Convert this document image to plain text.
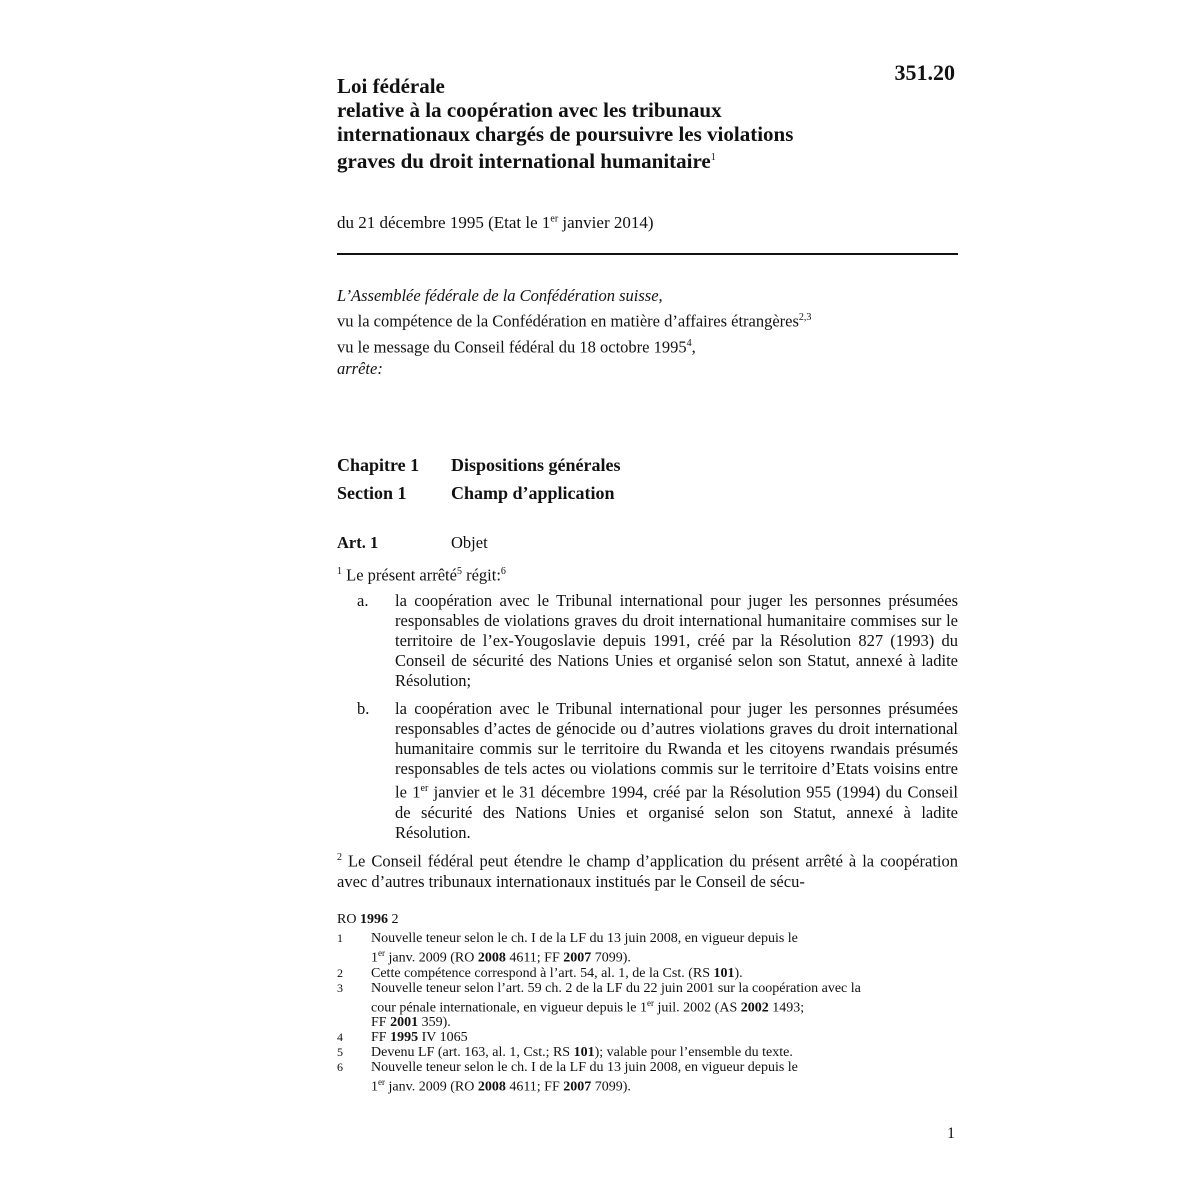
351.20
Loi fédérale
relative à la coopération avec les tribunaux
internationaux chargés de poursuivre les violations
graves du droit international humanitaire$^1$
du 21 décembre 1995 (Etat le 1er janvier 2014)
L’Assemblée fédérale de la Confédération suisse,
vu la compétence de la Confédération en matière d’affaires étrangères$^{2,3}$
vu le message du Conseil fédéral du 18 octobre 1995$^4$,
arrête:
Chapitre 1 Dispositions générales
Section 1 Champ d’application
Art. 1	Objet
$^1$ Le présent arrêté$^5$ régit:$^6$
a. la coopération avec le Tribunal international pour juger les personnes présumées responsables de violations graves du droit international humanitaire commises sur le territoire de l’ex-Yougoslavie depuis 1991, créé par la Résolution 827 (1993) du Conseil de sécurité des Nations Unies et organisé selon son Statut, annexé à ladite Résolution;
b. la coopération avec le Tribunal international pour juger les personnes présumées responsables d’actes de génocide ou d’autres violations graves du droit international humanitaire commis sur le territoire du Rwanda et les citoyens rwandais présumés responsables de tels actes ou violations commis sur le territoire d’Etats voisins entre le 1er janvier et le 31 décembre 1994, créé par la Résolution 955 (1994) du Conseil de sécurité des Nations Unies et organisé selon son Statut, annexé à ladite Résolution.
$^2$ Le Conseil fédéral peut étendre le champ d’application du présent arrêté à la coopération avec d’autres tribunaux internationaux institués par le Conseil de sécu-
RO 1996 2
1 Nouvelle teneur selon le ch. I de la LF du 13 juin 2008, en vigueur depuis le
1er janv. 2009 (RO 2008 4611; FF 2007 7099).
2 Cette compétence correspond à l’art. 54, al. 1, de la Cst. (RS 101).
3 Nouvelle teneur selon l’art. 59 ch. 2 de la LF du 22 juin 2001 sur la coopération avec la
cour pénale internationale, en vigueur depuis le 1er juil. 2002 (AS 2002 1493;
FF 2001 359).
4 FF 1995 IV 1065
5 Devenu LF (art. 163, al. 1, Cst.; RS 101); valable pour l’ensemble du texte.
6 Nouvelle teneur selon le ch. I de la LF du 13 juin 2008, en vigueur depuis le
1er janv. 2009 (RO 2008 4611; FF 2007 7099).
1
